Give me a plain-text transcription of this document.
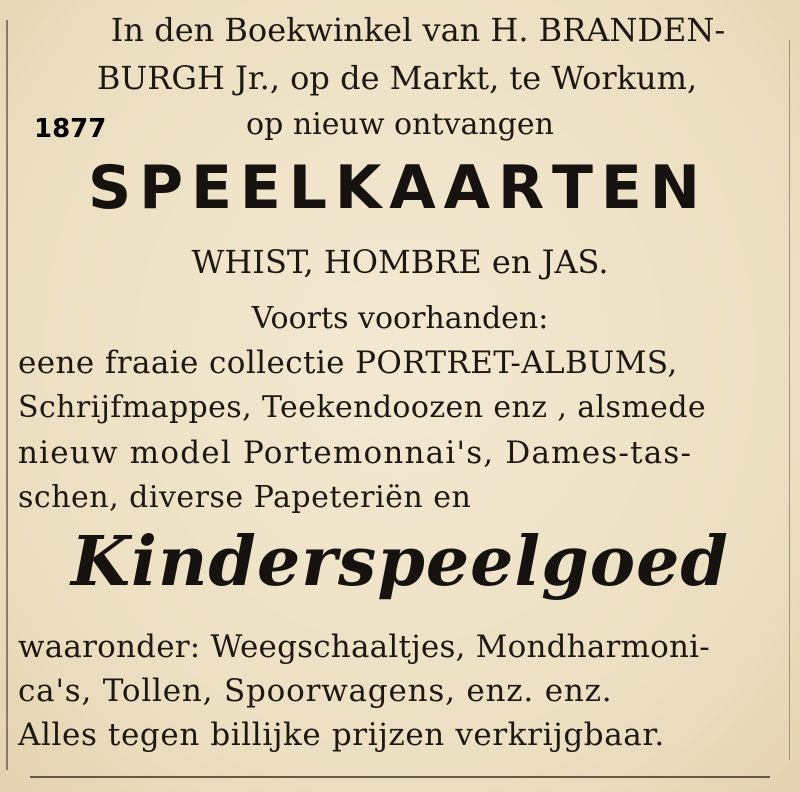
In den Boekwinkel van H. BRANDEN-
BURGH Jr., op de Markt, te Workum,
1877	op nieuw ontvangen
S P E E L K A A R T E N
WHIST, HOMBRE en JAS.
Voorts voorhanden:
eene fraaie collectie PORTRET-ALBUMS,
Schrijfmappes, Teekendoozen enz , alsmede
nieuw model Portemonnai's, Dames-tas-
schen, diverse Papeteriën en
Kinderspeelgoed
waaronder: Weegschaaltjes, Mondharmoni-
ca's, Tollen, Spoorwagens, enz. enz.
Alles tegen billijke prijzen verkrijgbaar.
